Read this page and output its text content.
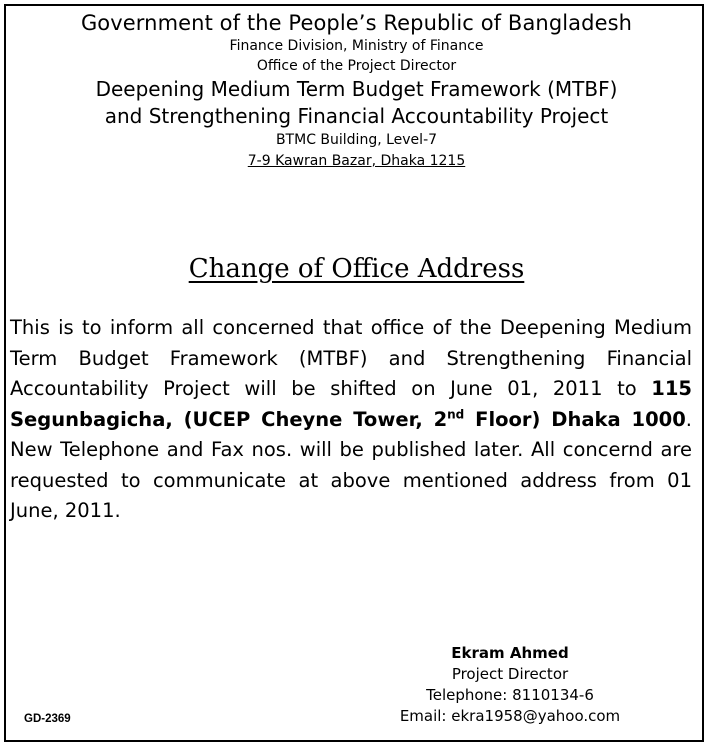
Government of the People’s Republic of Bangladesh
Finance Division, Ministry of Finance
Office of the Project Director
Deepening Medium Term Budget Framework (MTBF)
and Strengthening Financial Accountability Project
BTMC Building, Level-7
7-9 Kawran Bazar, Dhaka 1215
Change of Office Address
This is to inform all concerned that office of the Deepening Medium Term Budget Framework (MTBF) and Strengthening Financial Accountability Project will be shifted on June 01, 2011 to 115 Segunbagicha, (UCEP Cheyne Tower, 2nd Floor) Dhaka 1000. New Telephone and Fax nos. will be published later. All concernd are requested to communicate at above mentioned address from 01 June, 2011.
Ekram Ahmed
Project Director
Telephone: 8110134-6
Email: ekra1958@yahoo.com
GD-2369
